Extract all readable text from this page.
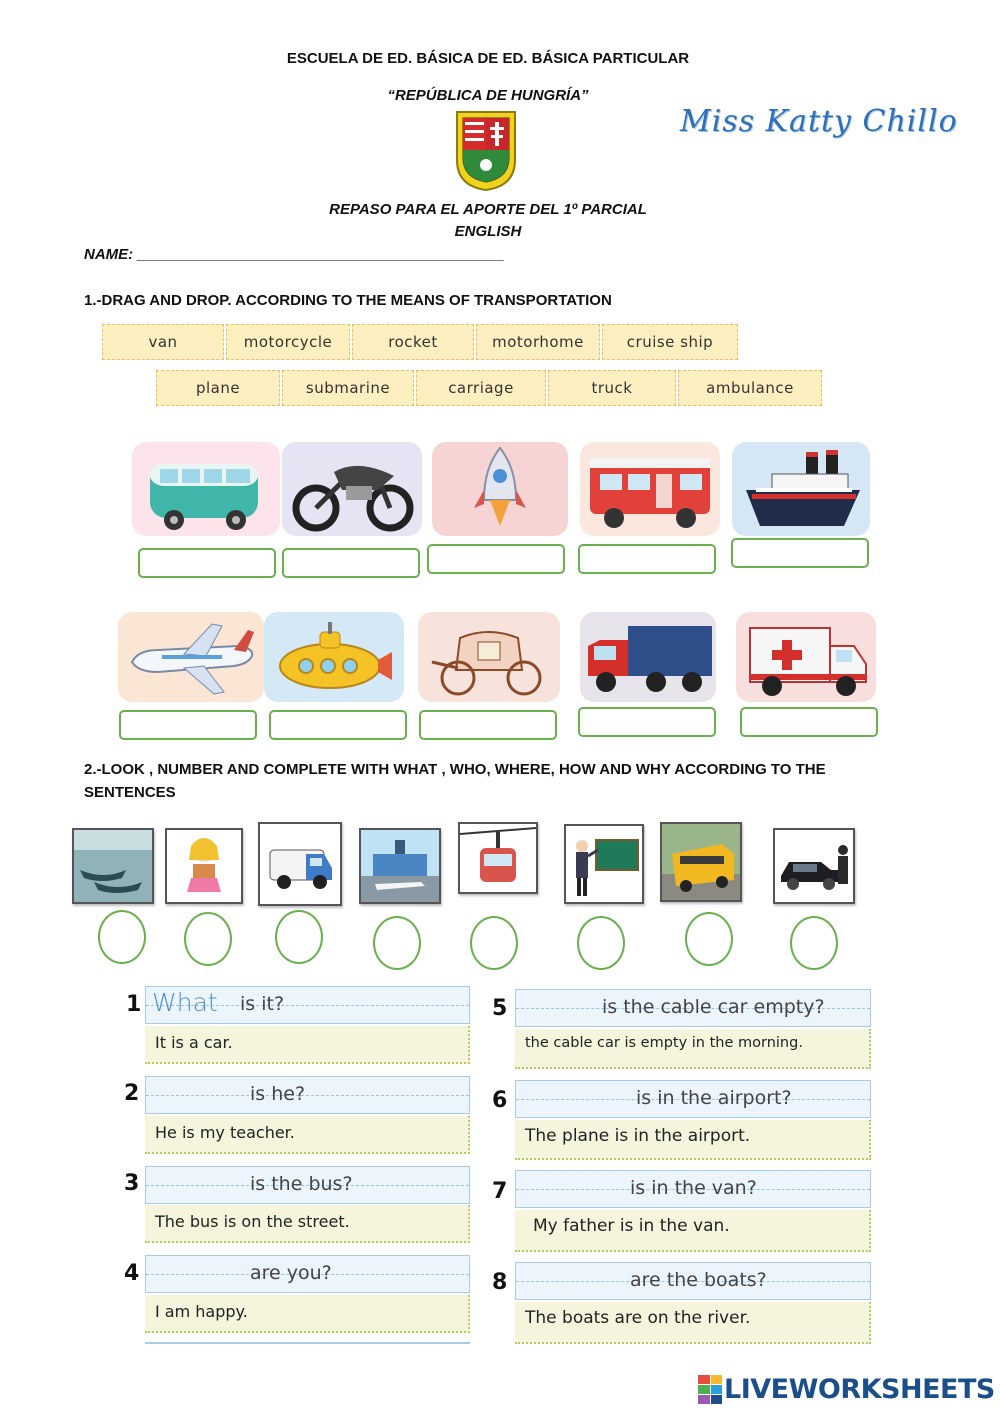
ESCUELA DE ED. BÁSICA DE ED. BÁSICA PARTICULAR
“REPÚBLICA DE HUNGRÍA”
Miss Katty Chillo
REPASO PARA EL APORTE DEL 1º PARCIAL
ENGLISH
NAME: ____________________________________________
1.-DRAG AND DROP. ACCORDING TO THE MEANS OF TRANSPORTATION
van	motorcycle	rocket	motorhome	cruise ship
plane	submarine	carriage	truck	ambulance
2.-LOOK , NUMBER AND COMPLETE WITH WHAT , WHO, WHERE, HOW AND WHY ACCORDING TO THE
SENTENCES
1 What is it?
It is a car.
2	is he?
He is my teacher.
3	is the bus?
The bus is on the street.
4	are you?
I am happy.
5	is the cable car empty?
the cable car is empty in the morning.
6	is in the airport?
The plane is in the airport.
7	is in the van?
My father is in the van.
8	are the boats?
The boats are on the river.
LIVEWORKSHEETS
